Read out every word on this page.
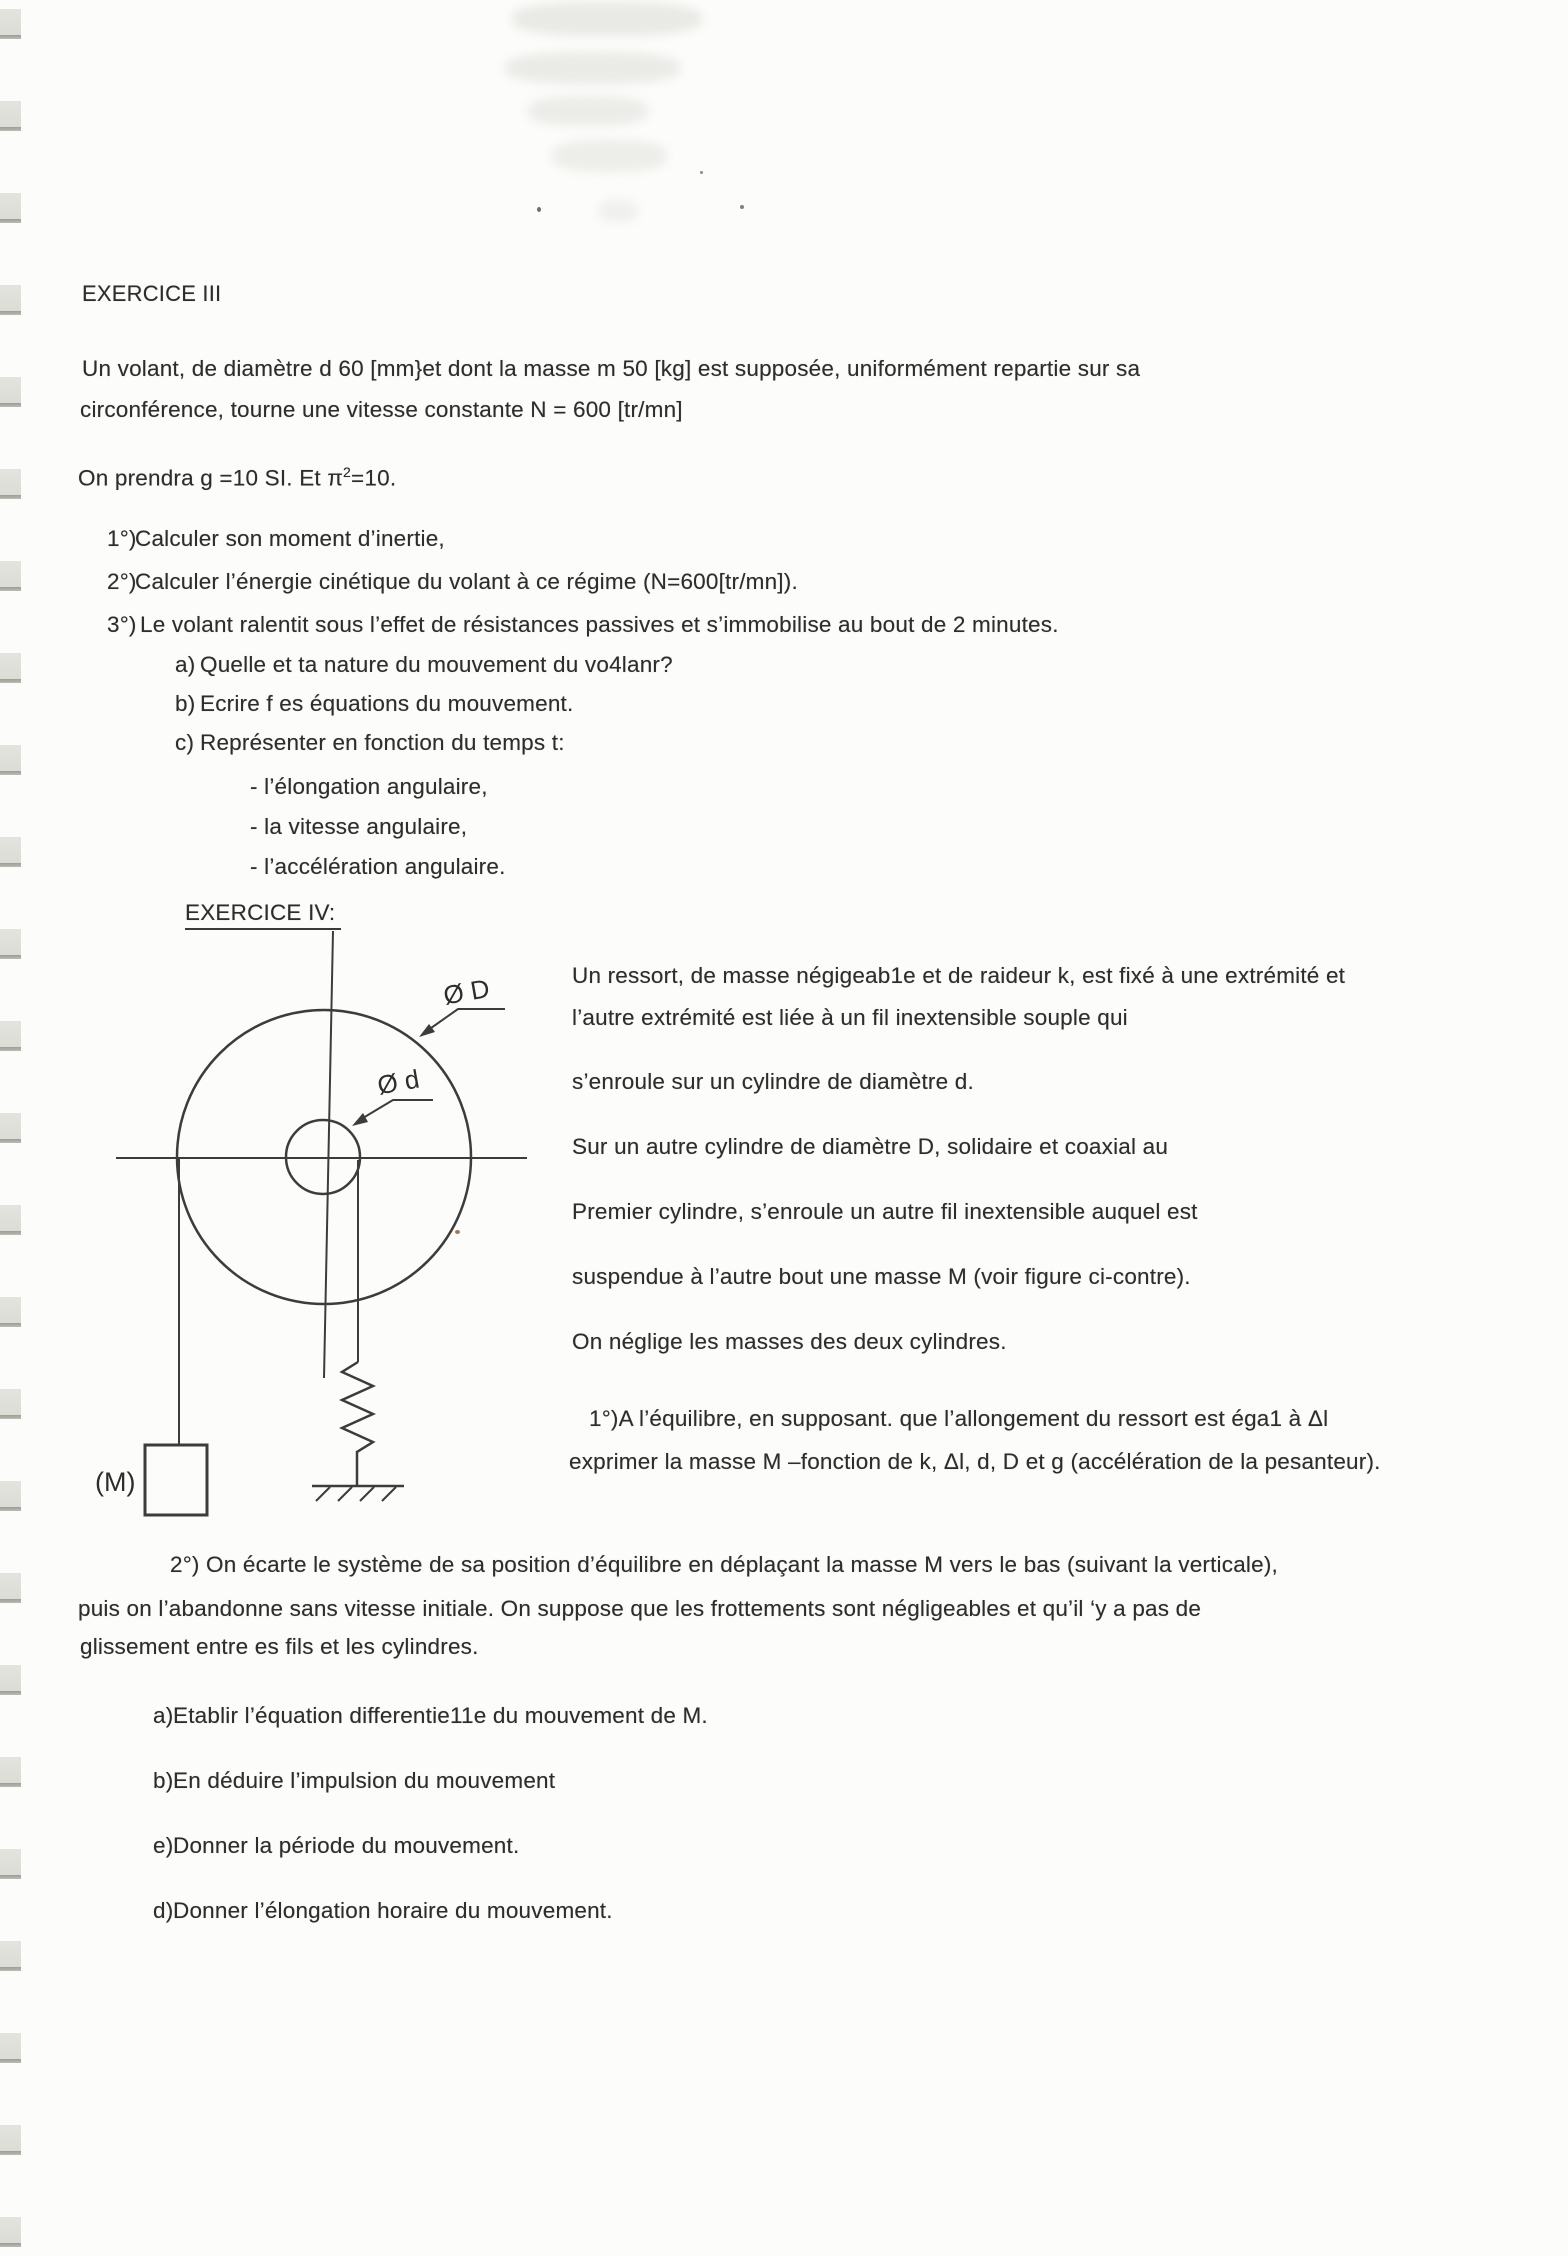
EXERCICE III
Un volant, de diamètre d 60 [mm}et dont la masse m 50 [kg] est supposée, uniformément repartie sur sa
circonférence, tourne une vitesse constante N = 600 [tr/mn]
On prendra g =10 SI. Et $\pi^2=10$.
1°)
Calculer son moment d’inertie,
2°)
Calculer l’énergie cinétique du volant à ce régime (N=600[tr/mn]).
3°) Le volant ralentit sous l’effet de résistances passives et s’immobilise au bout de 2 minutes.
a) Quelle et ta nature du mouvement du vo4lanr?
b) Ecrire f es équations du mouvement.
c) Représenter en fonction du temps t:
- l’élongation angulaire,
- la vitesse angulaire,
- l’accélération angulaire.
EXERCICE IV:
Ø D
Ø d
(M)
Un ressort, de masse négigeab1e et de raideur k, est fixé à une extrémité et
l’autre extrémité est liée à un fil inextensible souple qui
s’enroule sur un cylindre de diamètre d.
Sur un autre cylindre de diamètre D, solidaire et coaxial au
Premier cylindre, s’enroule un autre fil inextensible auquel est
suspendue à l’autre bout une masse M (voir figure ci-contre).
On néglige les masses des deux cylindres.
1°)A l’équilibre, en supposant. que l’allongement du ressort est éga1 à Δl
exprimer la masse M –fonction de k, Δl, d, D et g (accélération de la pesanteur).
2°) On écarte le système de sa position d’équilibre en déplaçant la masse M vers le bas (suivant la verticale),
puis on l’abandonne sans vitesse initiale. On suppose que les frottements sont négligeables et qu’il ‘y a pas de
glissement entre es fils et les cylindres.
a) Etablir l’équation differentie11e du mouvement de M.
b) En déduire l’impulsion du mouvement
e) Donner la période du mouvement.
d) Donner l’élongation horaire du mouvement.
